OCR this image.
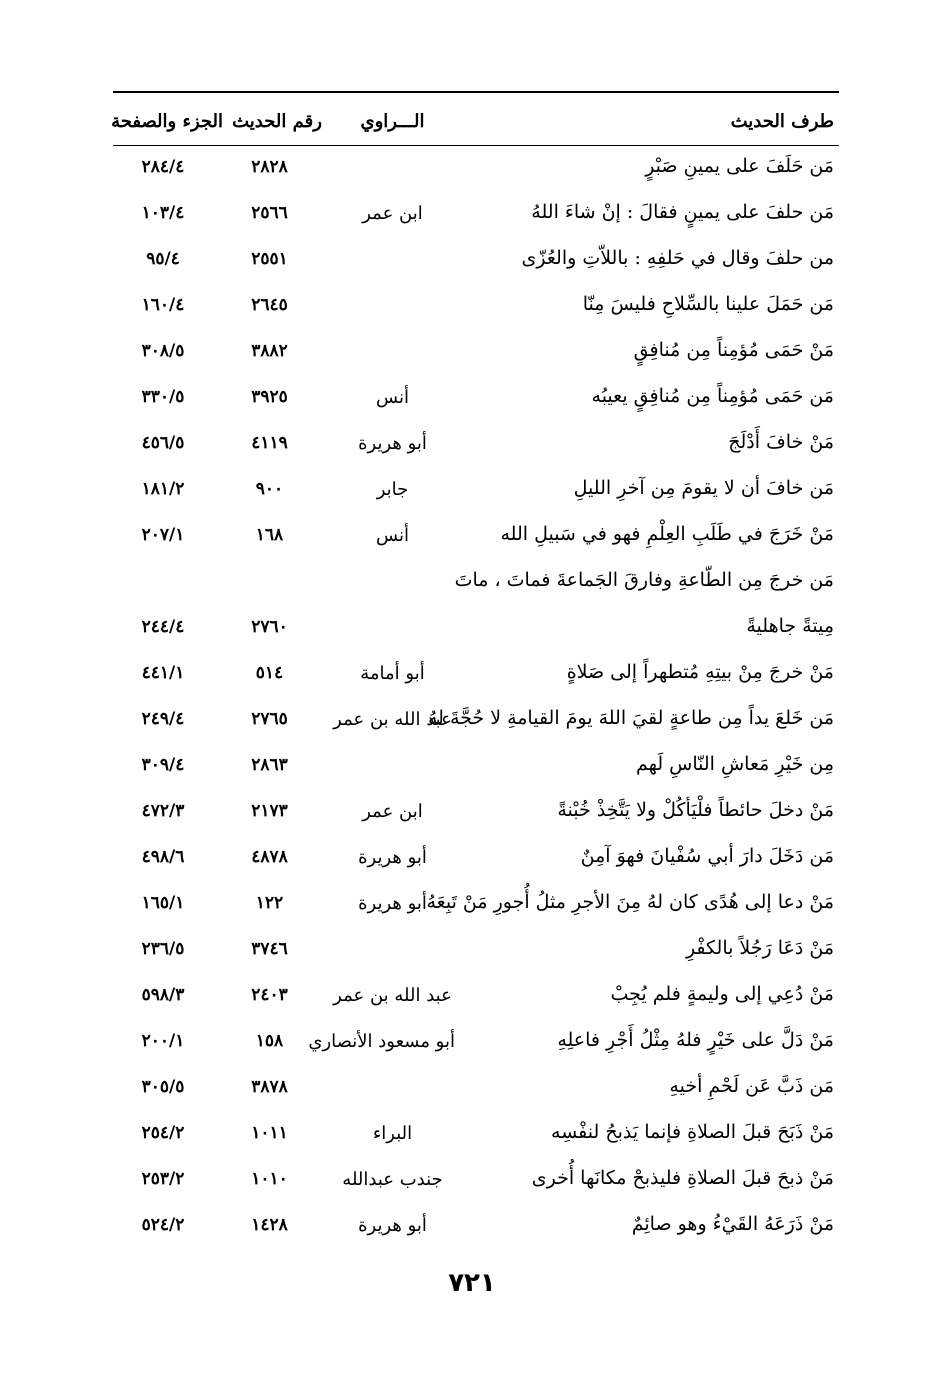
طرف الحديث
الـــراوي
رقم الحديث
الجزء والصفحة
مَن حَلَفَ على يمينِ صَبْرٍ
٢٨٢٨
٢٨٤/٤
مَن حلفَ على يمينٍ فقالَ : إنْ شاءَ اللهُ
ابن عمر
٢٥٦٦
١٠٣/٤
من حلفَ وقال في حَلفِهِ : باللاّتِ والعُزّى
٢٥٥١
٩٥/٤
مَن حَمَلَ علينا بالسِّلاحِ فليسَ مِنّا
٢٦٤٥
١٦٠/٤
مَنْ حَمَى مُؤمِناً مِن مُنافِقٍ
٣٨٨٢
٣٠٨/٥
مَن حَمَى مُؤمِناً مِن مُنافِقٍ يعيبُه
أنس
٣٩٢٥
٣٣٠/٥
مَنْ خافَ أَدْلَجَ
أبو هريرة
٤١١٩
٤٥٦/٥
مَن خافَ أن لا يقومَ مِن آخرِ الليلِ
جابر
٩٠٠
١٨١/٢
مَنْ خَرَجَ في طَلَبِ العِلْمِ فهو في سَبيلِ الله
أنس
١٦٨
٢٠٧/١
مَن خرجَ مِن الطّاعةِ وفارقَ الجَماعةَ فماتَ ، ماتَ
مِيتةً جاهليةً
٢٧٦٠
٢٤٤/٤
مَنْ خرجَ مِنْ بيتِهِ مُتطهراً إلى صَلاةٍ
أبو أمامة
٥١٤
٤٤١/١
مَن خَلعَ يداً مِن طاعةٍ لقيَ اللهَ يومَ القيامةِ لا حُجَّةَ لهُ
عبد الله بن عمر
٢٧٦٥
٢٤٩/٤
مِن خَيْرِ مَعاشِ النّاسِ لَهم
٢٨٦٣
٣٠٩/٤
مَنْ دخلَ حائطاً فلْيَأكُلْ ولا يَتَّخِذْ خُبْنةً
ابن عمر
٢١٧٣
٤٧٢/٣
مَن دَخَلَ دارَ أبي سُفْيانَ فهوَ آمِنٌ
أبو هريرة
٤٨٧٨
٤٩٨/٦
مَنْ دعا إلى هُدًى كان لهُ مِنَ الأجرِ مثلُ أُجورِ مَنْ تَبِعَهُ
أبو هريرة
١٢٢
١٦٥/١
مَنْ دَعَا رَجُلاً بالكفْرِ
٣٧٤٦
٢٣٦/٥
مَنْ دُعِي إلى وليمةٍ فلم يُجِبْ
عبد الله بن عمر
٢٤٠٣
٥٩٨/٣
مَنْ دَلَّ على خَيْرٍ فلهُ مِثْلُ أَجْرِ فاعلِهِ
أبو مسعود الأنصاري
١٥٨
٢٠٠/١
مَن ذَبَّ عَن لَحْمِ أخيهِ
٣٨٧٨
٣٠٥/٥
مَنْ ذَبَحَ قبلَ الصلاةِ فإنما يَذبحُ لنفْسِه
البراء
١٠١١
٢٥٤/٢
مَنْ ذبحَ قبلَ الصلاةِ فليذبحْ مكانَها أُخرى
جندب عبدالله
١٠١٠
٢٥٣/٢
مَنْ ذَرَعَهُ القَيْءُ وهو صائِمٌ
أبو هريرة
١٤٢٨
٥٢٤/٢
٧٢١
